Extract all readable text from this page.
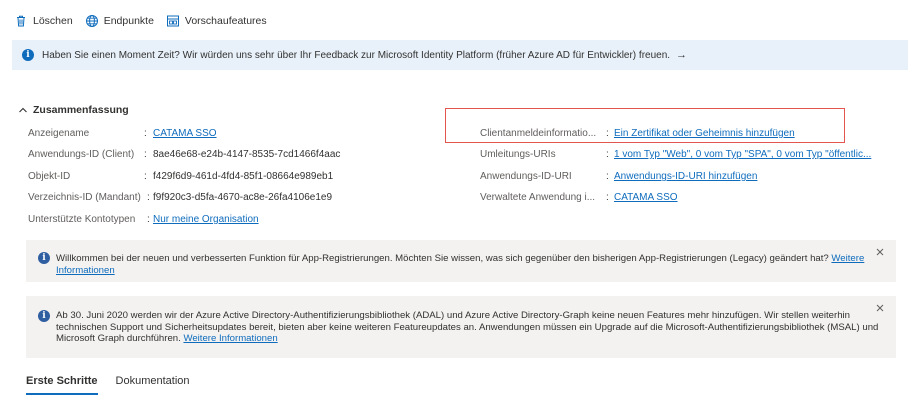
Löschen	Endpunkte	Vorschaufeatures
i	Haben Sie einen Moment Zeit? Wir würden uns sehr über Ihr Feedback zur Microsoft Identity Platform (früher Azure AD für Entwickler) freuen. →
Zusammenfassung
Anzeigename	: CATAMA SSO
Anwendungs-ID (Client) : 8ae46e68-e24b-4147-8535-7cd1466f4aac
Objekt-ID	: f429f6d9-461d-4fd4-85f1-08664e989eb1
Verzeichnis-ID (Mandant) : f9f920c3-d5fa-4670-ac8e-26fa4106e1e9
Unterstützte Kontotypen	: Nur meine Organisation
Clientanmeldeinformatio... : Ein Zertifikat oder Geheimnis hinzufügen
Umleitungs-URIs	: 1 vom Typ "Web", 0 vom Typ "SPA", 0 vom Typ "öffentlic...
Anwendungs-ID-URI	: Anwendungs-ID-URI hinzufügen
Verwaltete Anwendung i...	: CATAMA SSO
i	Willkommen bei der neuen und verbesserten Funktion für App-Registrierungen. Möchten Sie wissen, was sich gegenüber den bisherigen App-Registrierungen (Legacy) geändert hat? Weitere
Informationen
i	Ab 30. Juni 2020 werden wir der Azure Active Directory-Authentifizierungsbibliothek (ADAL) und Azure Active Directory-Graph keine neuen Features mehr hinzufügen. Wir stellen weiterhin
technischen Support und Sicherheitsupdates bereit, bieten aber keine weiteren Featureupdates an. Anwendungen müssen ein Upgrade auf die Microsoft-Authentifizierungsbibliothek (MSAL) und
Microsoft Graph durchführen. Weitere Informationen
Erste Schritte Dokumentation
